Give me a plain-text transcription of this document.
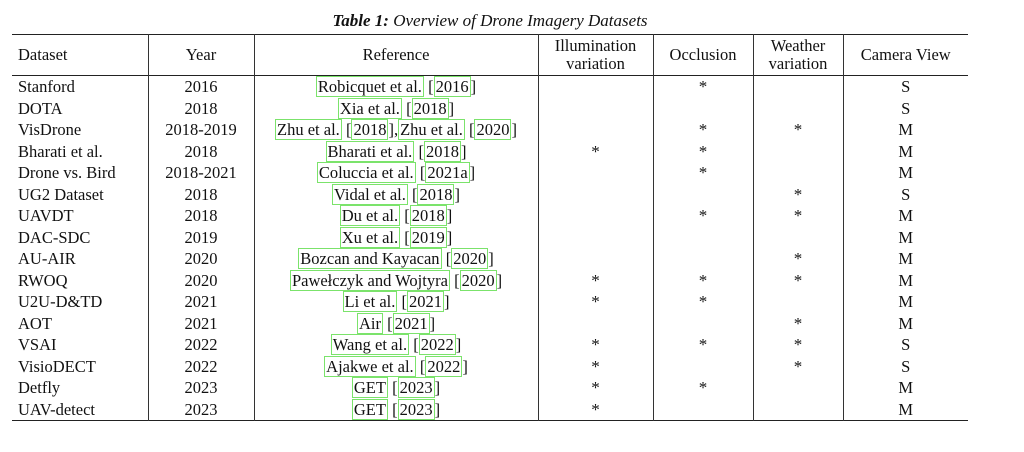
Table 1: Overview of Drone Imagery Datasets
Dataset	Year	Reference	Illumination variation	Occlusion	Weather variation	Camera View
Stanford	2016	Robicquet et al. [ 2016 ]		*		S
DOTA	2018	Xia et al. [ 2018 ]				S
VisDrone	2018-2019	Zhu et al. [ 2018 ], Zhu et al. [ 2020 ]		*	*	M
Bharati et al.	2018	Bharati et al. [ 2018 ]	*	*		M
Drone vs. Bird	2018-2021	Coluccia et al. [ 2021a ]		*		M
UG2 Dataset	2018	Vidal et al. [ 2018 ]			*	S
UAVDT	2018	Du et al. [ 2018 ]		*	*	M
DAC-SDC	2019	Xu et al. [ 2019 ]				M
AU-AIR	2020	Bozcan and Kayacan [ 2020 ]			*	M
RWOQ	2020	Pawełczyk and Wojtyra [ 2020 ]	*	*	*	M
U2U-D&TD	2021	Li et al. [ 2021 ]	*	*		M
AOT	2021	Air [ 2021 ]			*	M
VSAI	2022	Wang et al. [ 2022 ]	*	*	*	S
VisioDECT	2022	Ajakwe et al. [ 2022 ]	*		*	S
Detfly	2023	GET [ 2023 ]	*	*		M
UAV-detect	2023	GET [ 2023 ]	*			M
